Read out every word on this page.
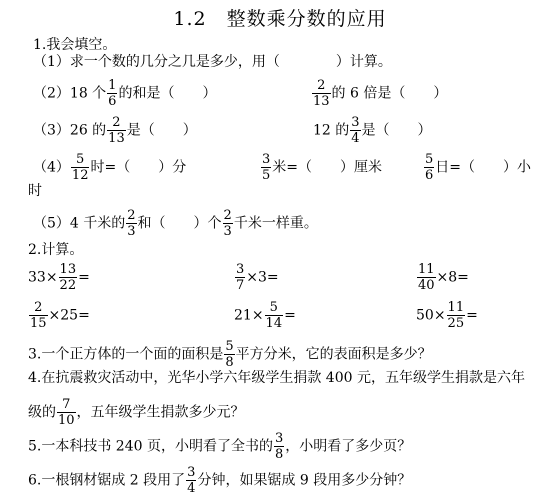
1.2　整数乘分数的应用
1.我会填空。
（1）求一个数的几分之几是多少，用（　　　　）计算。
（2）18 个 $\frac{1}{6}$ 的和是（　　）	$\frac{2}{13}$ 的 6 倍是（　　）
（3）26 的 $\frac{2}{13}$ 是（　　）	12 的 $\frac{3}{4}$ 是（　　）
$(4) \frac{5}{12}$ 时=（　　）分	$\frac{3}{5}$ 米=（　　）厘米	$\frac{5}{6}$ 日=（　　）小
时
（5）4 千米的 $\frac{2}{3}$ 和（　　）个 $\frac{2}{3}$ 千米一样重。
2.计算。
$33\times \frac{13}{22}$ =	$\frac{3}{7} \times 3=$	$\frac{11}{40} \times 8=$
$\frac{2}{15} \times 25=$	$21\times \frac{5}{14}$ =	$50\times \frac{11}{25}$ =
3.一个正方体的一个面的面积是 $\frac{5}{8}$ 平方分米，它的表面积是多少？
4.在抗震救灾活动中，光华小学六年级学生捐款 400 元，五年级学生捐款是六年
级的 $\frac{7}{10}$ ，五年级学生捐款多少元？
5.一本科技书 240 页，小明看了全书的 $\frac{3}{8}$ ，小明看了多少页？
6.一根钢材锯成 2 段用了 $\frac{3}{4}$ 分钟，如果锯成 9 段用多少分钟？
